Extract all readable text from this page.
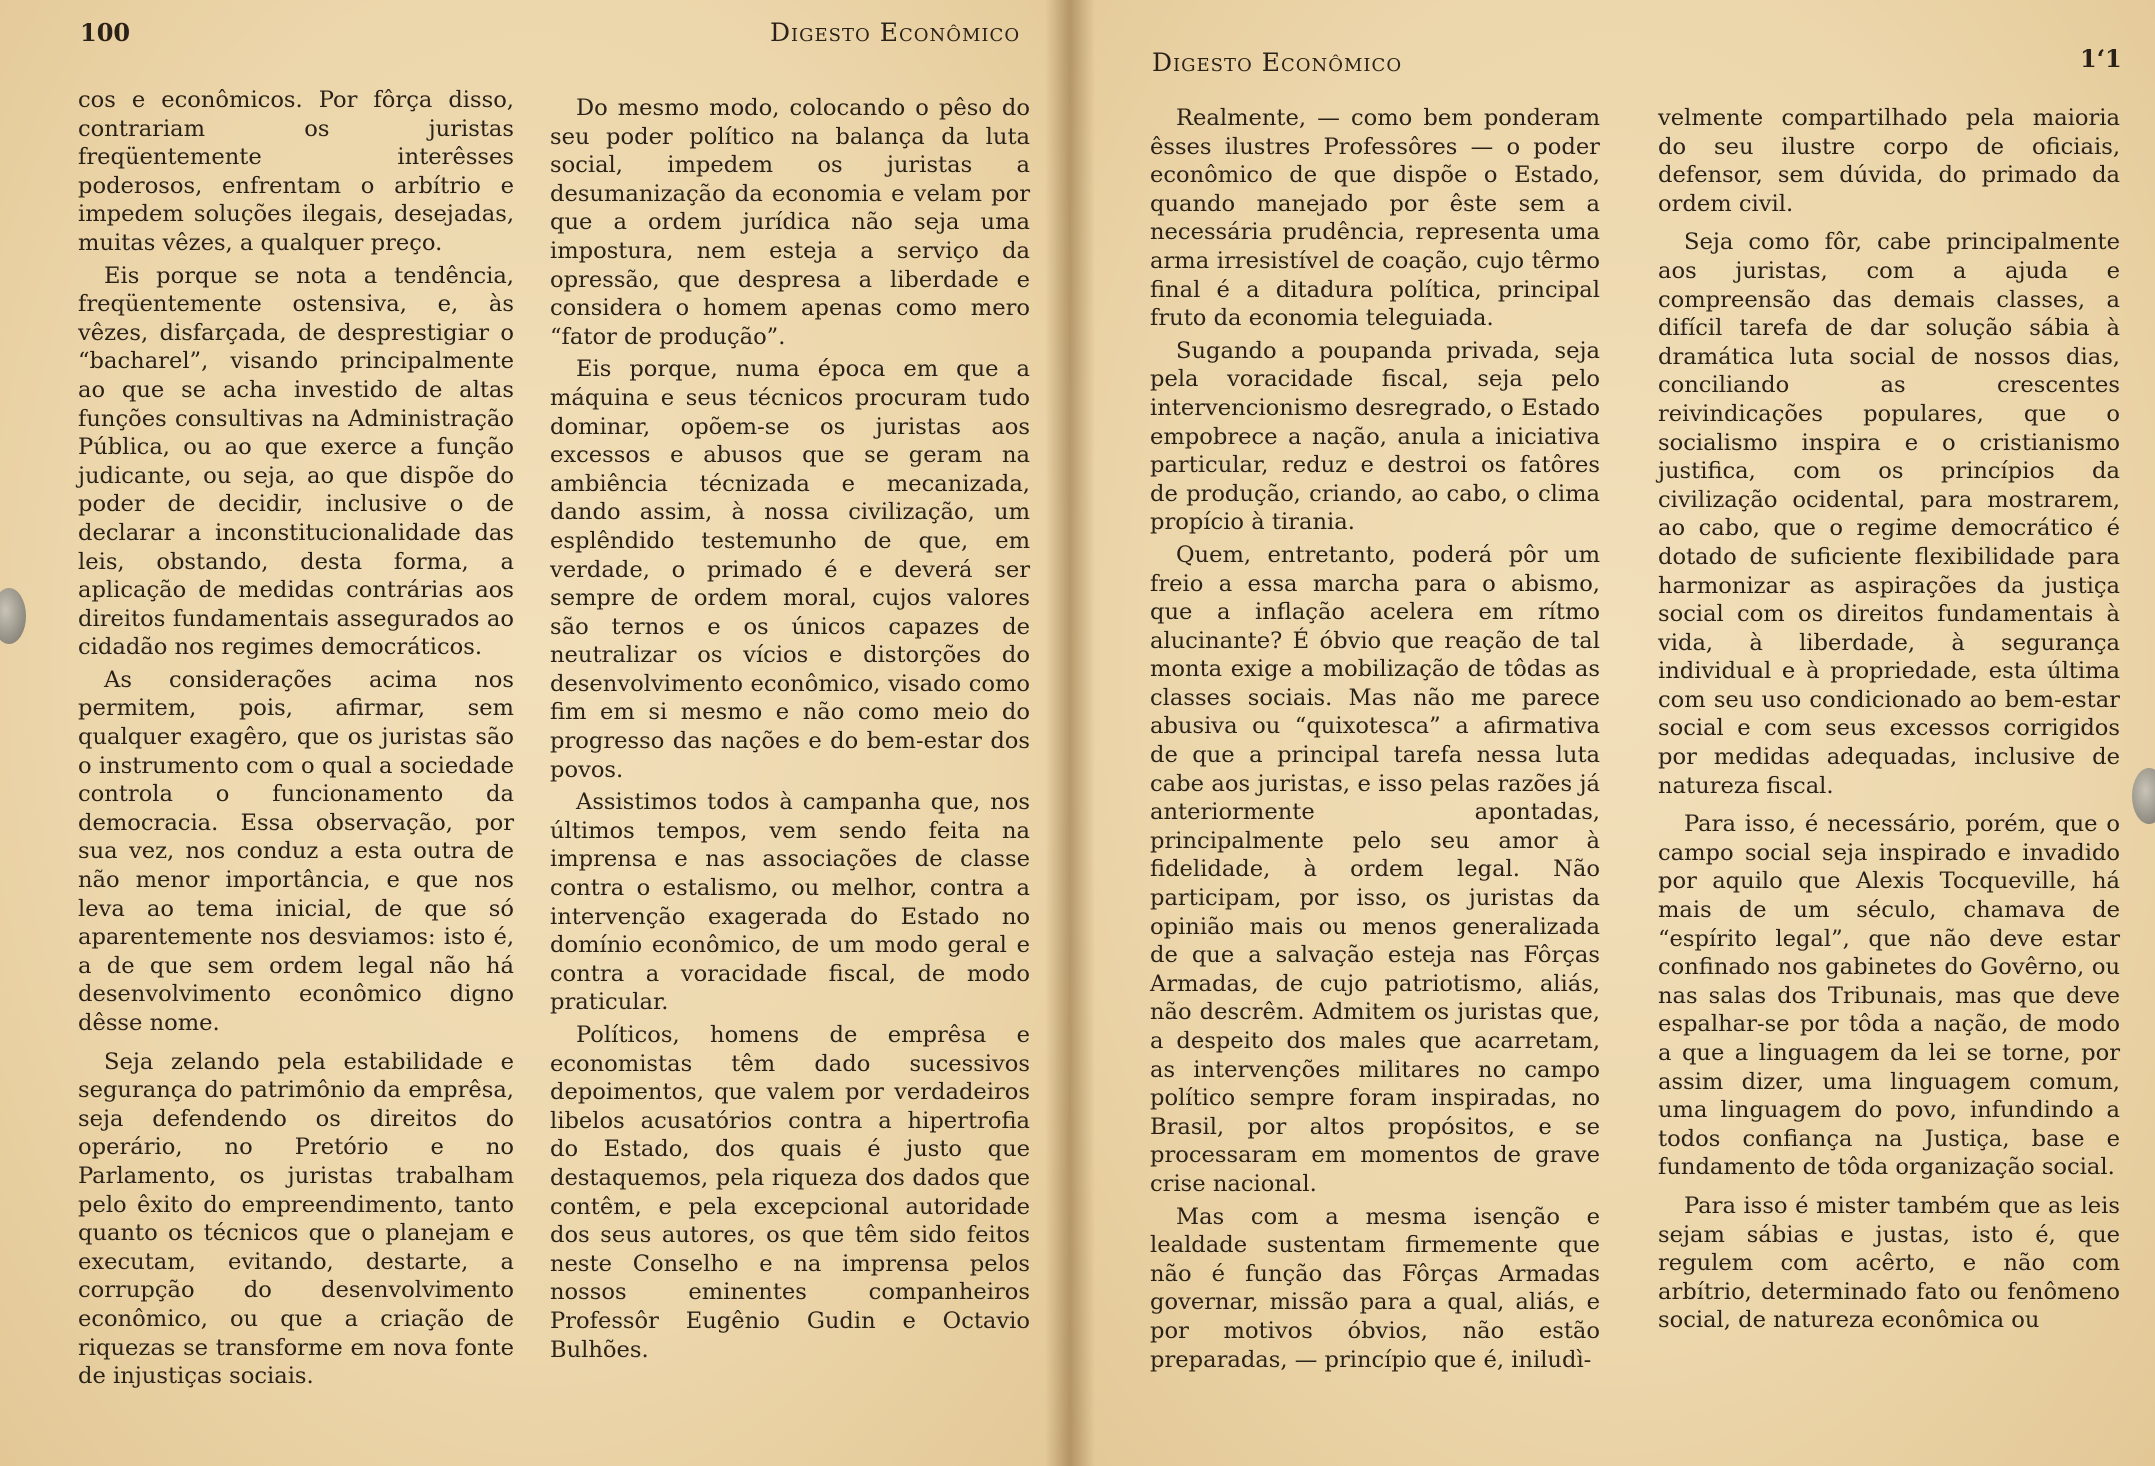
100	Digesto Econômico

cos e econômicos. Por fôrça disso, contrariam os juristas freqüentemente interêsses poderosos, enfrentam o arbítrio e impedem soluções ilegais, desejadas, muitas vêzes, a qualquer preço.

Eis porque se nota a tendência, freqüentemente ostensiva, e, às vêzes, disfarçada, de desprestigiar o “bacharel”, visando principalmente ao que se acha investido de altas funções consultivas na Administração Pública, ou ao que exerce a função judicante, ou seja, ao que dispõe do poder de decidir, inclusive o de declarar a inconstitucionalidade das leis, obstando, desta forma, a aplicação de medidas contrárias aos direitos fundamentais assegurados ao cidadão nos regimes democráticos.

As considerações acima nos permitem, pois, afirmar, sem qualquer exagêro, que os juristas são o instrumento com o qual a sociedade controla o funcionamento da democracia. Essa observação, por sua vez, nos conduz a esta outra de não menor importância, e que nos leva ao tema inicial, de que só aparentemente nos desviamos: isto é, a de que sem ordem legal não há desenvolvimento econômico digno dêsse nome.

Seja zelando pela estabilidade e segurança do patrimônio da emprêsa, seja defendendo os direitos do operário, no Pretório e no Parlamento, os juristas trabalham pelo êxito do empreendimento, tanto quanto os técnicos que o planejam e executam, evitando, destarte, a corrupção do desenvolvimento econômico, ou que a criação de riquezas se transforme em nova fonte de injustiças sociais.

Do mesmo modo, colocando o pêso do seu poder político na balança da luta social, impedem os juristas a desumanização da economia e velam por que a ordem jurídica não seja uma impostura, nem esteja a serviço da opressão, que despresa a liberdade e considera o homem apenas como mero “fator de produção”.

Eis porque, numa época em que a máquina e seus técnicos procuram tudo dominar, opõem-se os juristas aos excessos e abusos que se geram na ambiência técnizada e mecanizada, dando assim, à nossa civilização, um esplêndido testemunho de que, em verdade, o primado é e deverá ser sempre de ordem moral, cujos valores são ternos e os únicos capazes de neutralizar os vícios e distorções do desenvolvimento econômico, visado como fim em si mesmo e não como meio do progresso das nações e do bem-estar dos povos.

Assistimos todos à campanha que, nos últimos tempos, vem sendo feita na imprensa e nas associações de classe contra o estalismo, ou melhor, contra a intervenção exagerada do Estado no domínio econômico, de um modo geral e contra a voracidade fiscal, de modo praticular.

Políticos, homens de emprêsa e economistas têm dado sucessivos depoimentos, que valem por verdadeiros libelos acusatórios contra a hipertrofia do Estado, dos quais é justo que destaquemos, pela riqueza dos dados que contêm, e pela excepcional autoridade dos seus autores, os que têm sido feitos neste Conselho e na imprensa pelos nossos eminentes companheiros Professôr Eugênio Gudin e Octavio Bulhões.

Digesto Econômico	1ʻ1

Realmente, — como bem ponderam êsses ilustres Professôres — o poder econômico de que dispõe o Estado, quando manejado por êste sem a necessária prudência, representa uma arma irresistível de coação, cujo têrmo final é a ditadura política, principal fruto da economia teleguiada.

Sugando a poupanda privada, seja pela voracidade fiscal, seja pelo intervencionismo desregrado, o Estado empobrece a nação, anula a iniciativa particular, reduz e destroi os fatôres de produção, criando, ao cabo, o clima propício à tirania.

Quem, entretanto, poderá pôr um freio a essa marcha para o abismo, que a inflação acelera em rítmo alucinante? É óbvio que reação de tal monta exige a mobilização de tôdas as classes sociais. Mas não me parece abusiva ou “quixotesca” a afirmativa de que a principal tarefa nessa luta cabe aos juristas, e isso pelas razões já anteriormente apontadas, principalmente pelo seu amor à fidelidade, à ordem legal. Não participam, por isso, os juristas da opinião mais ou menos generalizada de que a salvação esteja nas Fôrças Armadas, de cujo patriotismo, aliás, não descrêm. Admitem os juristas que, a despeito dos males que acarretam, as intervenções militares no campo político sempre foram inspiradas, no Brasil, por altos propósitos, e se processaram em momentos de grave crise nacional.

Mas com a mesma isenção e lealdade sustentam firmemente que não é função das Fôrças Armadas governar, missão para a qual, aliás, e por motivos óbvios, não estão preparadas, — princípio que é, iniludì-

velmente compartilhado pela maioria do seu ilustre corpo de oficiais, defensor, sem dúvida, do primado da ordem civil.

Seja como fôr, cabe principalmente aos juristas, com a ajuda e compreensão das demais classes, a difícil tarefa de dar solução sábia à dramática luta social de nossos dias, conciliando as crescentes reivindicações populares, que o socialismo inspira e o cristianismo justifica, com os princípios da civilização ocidental, para mostrarem, ao cabo, que o regime democrático é dotado de suficiente flexibilidade para harmonizar as aspirações da justiça social com os direitos fundamentais à vida, à liberdade, à segurança individual e à propriedade, esta última com seu uso condicionado ao bem-estar social e com seus excessos corrigidos por medidas adequadas, inclusive de natureza fiscal.

Para isso, é necessário, porém, que o campo social seja inspirado e invadido por aquilo que Alexis Tocqueville, há mais de um século, chamava de “espírito legal”, que não deve estar confinado nos gabinetes do Govêrno, ou nas salas dos Tribunais, mas que deve espalhar-se por tôda a nação, de modo a que a linguagem da lei se torne, por assim dizer, uma linguagem comum, uma linguagem do povo, infundindo a todos confiança na Justiça, base e fundamento de tôda organização social.

Para isso é mister também que as leis sejam sábias e justas, isto é, que regulem com acêrto, e não com arbítrio, determinado fato ou fenômeno social, de natureza econômica ou
